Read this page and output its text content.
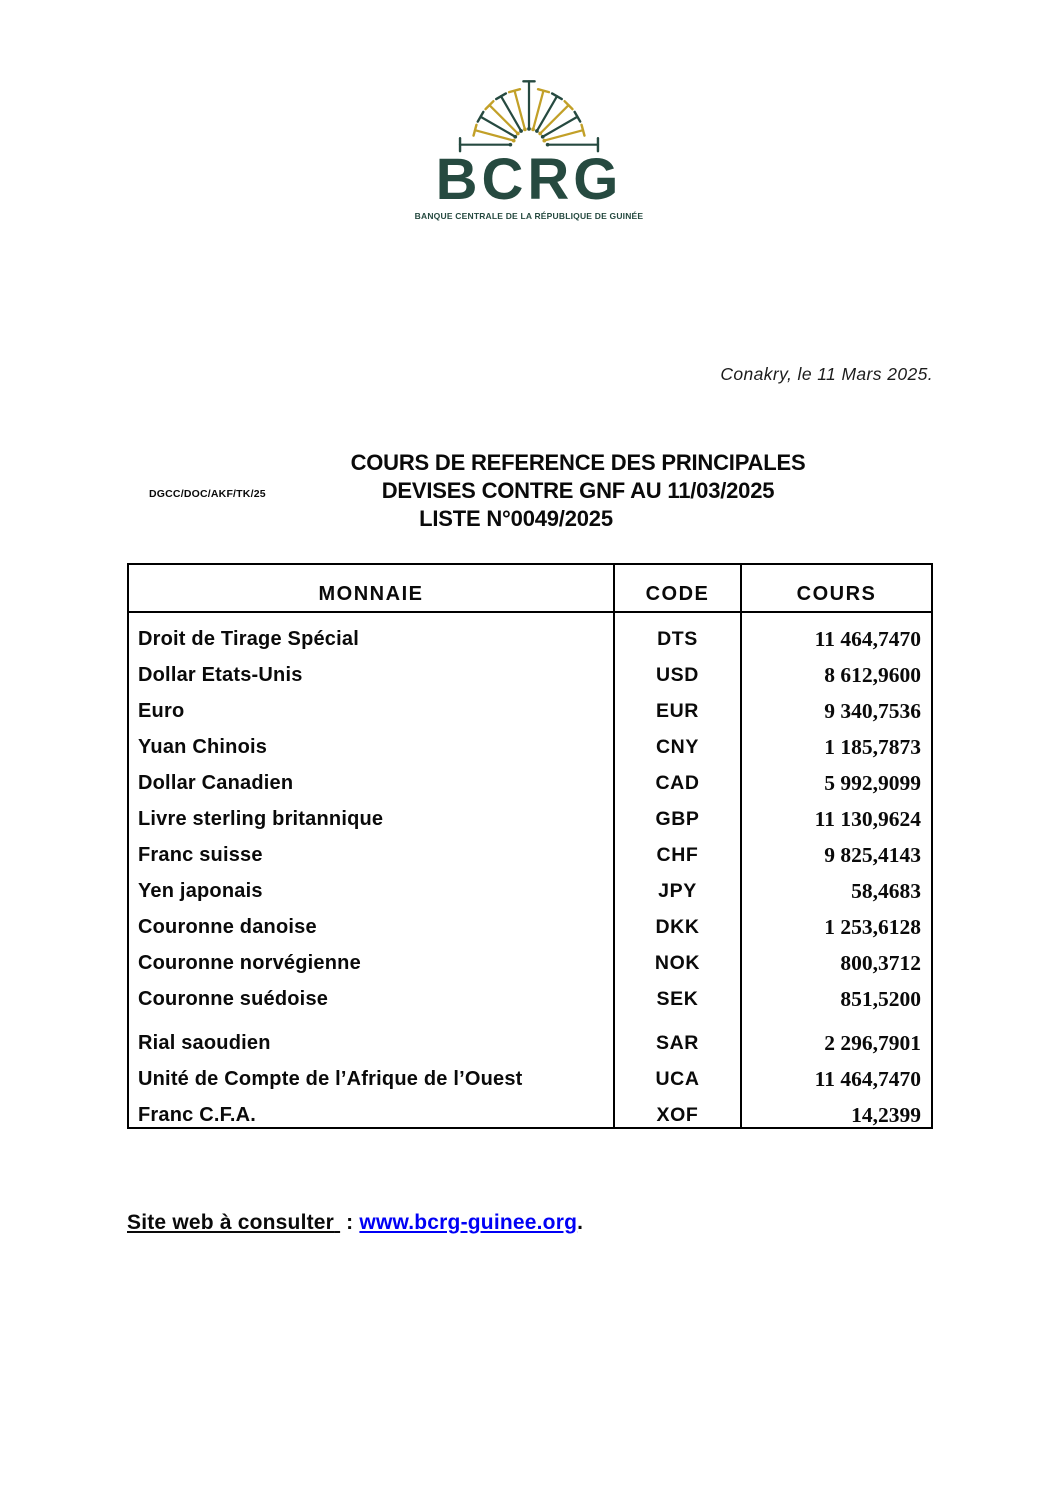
BCRG
BANQUE CENTRALE DE LA RÉPUBLIQUE DE GUINÉE
Conakry, le 11 Mars 2025.
DGCC/DOC/AKF/TK/25
COURS DE REFERENCE DES PRINCIPALES
DEVISES CONTRE GNF AU 11/03/2025
LISTE N°0049/2025
MONNAIE	CODE	COURS
Droit de Tirage Spécial	DTS	11 464,7470
Dollar Etats-Unis	USD	8 612,9600
Euro	EUR	9 340,7536
Yuan Chinois	CNY	1 185,7873
Dollar Canadien	CAD	5 992,9099
Livre sterling britannique	GBP	11 130,9624
Franc suisse	CHF	9 825,4143
Yen japonais	JPY	58,4683
Couronne danoise	DKK	1 253,6128
Couronne norvégienne	NOK	800,3712
Couronne suédoise	SEK	851,5200
Rial saoudien	SAR	2 296,7901
Unité de Compte de l’Afrique de l’Ouest	UCA	11 464,7470
Franc C.F.A.	XOF	14,2399
Site web à consulter : www.bcrg-guinee.org.
